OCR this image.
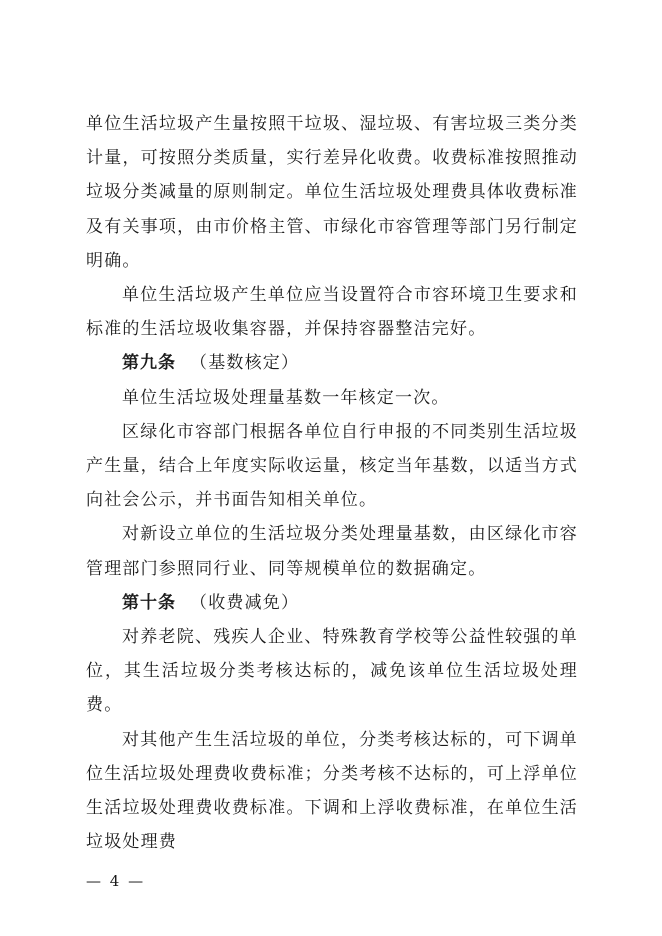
单位生活垃圾产生量按照干垃圾、湿垃圾、有害垃圾三类分类计量，可按照分类质量，实行差异化收费。收费标准按照推动垃圾分类减量的原则制定。单位生活垃圾处理费具体收费标准及有关事项，由市价格主管、市绿化市容管理等部门另行制定明确。

单位生活垃圾产生单位应当设置符合市容环境卫生要求和标准的生活垃圾收集容器，并保持容器整洁完好。

第九条 （基数核定）

单位生活垃圾处理量基数一年核定一次。

区绿化市容部门根据各单位自行申报的不同类别生活垃圾产生量，结合上年度实际收运量，核定当年基数，以适当方式向社会公示，并书面告知相关单位。

对新设立单位的生活垃圾分类处理量基数，由区绿化市容管理部门参照同行业、同等规模单位的数据确定。

第十条 （收费减免）

对养老院、残疾人企业、特殊教育学校等公益性较强的单位，其生活垃圾分类考核达标的，减免该单位生活垃圾处理费。

对其他产生生活垃圾的单位，分类考核达标的，可下调单位生活垃圾处理费收费标准；分类考核不达标的，可上浮单位生活垃圾处理费收费标准。下调和上浮收费标准，在单位生活垃圾处理费

— 4 —
